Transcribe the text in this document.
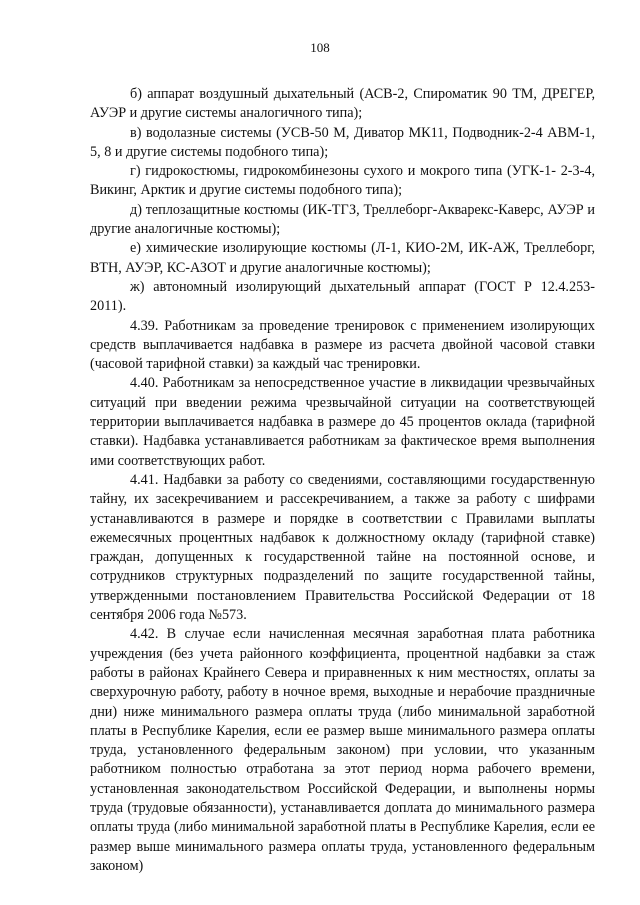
108

б) аппарат воздушный дыхательный (АСВ-2, Спироматик 90 ТМ, ДРЕГЕР, АУЭР и другие системы аналогичного типа);

в) водолазные системы (УСВ-50 М, Диватор МК11, Подводник-2-4 АВМ-1, 5, 8 и другие системы подобного типа);

г) гидрокостюмы, гидрокомбинезоны сухого и мокрого типа (УГК-1- 2-3-4, Викинг, Арктик и другие системы подобного типа);

д) теплозащитные костюмы (ИК-ТГЗ, Треллеборг-Акварекс-Каверс, АУЭР и другие аналогичные костюмы);

е) химические изолирующие костюмы (Л-1, КИО-2М, ИК-АЖ, Треллеборг, ВТН, АУЭР, КС-АЗОТ и другие аналогичные костюмы);

ж) автономный изолирующий дыхательный аппарат (ГОСТ Р 12.4.253-2011).

4.39. Работникам за проведение тренировок с применением изолирующих средств выплачивается надбавка в размере из расчета двойной часовой ставки (часовой тарифной ставки) за каждый час тренировки.

4.40. Работникам за непосредственное участие в ликвидации чрезвычайных ситуаций при введении режима чрезвычайной ситуации на соответствующей территории выплачивается надбавка в размере до 45 процентов оклада (тарифной ставки). Надбавка устанавливается работникам за фактическое время выполнения ими соответствующих работ.

4.41. Надбавки за работу со сведениями, составляющими государственную тайну, их засекречиванием и рассекречиванием, а также за работу с шифрами устанавливаются в размере и порядке в соответствии с Правилами выплаты ежемесячных процентных надбавок к должностному окладу (тарифной ставке) граждан, допущенных к государственной тайне на постоянной основе, и сотрудников структурных подразделений по защите государственной тайны, утвержденными постановлением Правительства Российской Федерации от 18 сентября 2006 года №573.

4.42. В случае если начисленная месячная заработная плата работника учреждения (без учета районного коэффициента, процентной надбавки за стаж работы в районах Крайнего Севера и приравненных к ним местностях, оплаты за сверхурочную работу, работу в ночное время, выходные и нерабочие праздничные дни) ниже минимального размера оплаты труда (либо минимальной заработной платы в Республике Карелия, если ее размер выше минимального размера оплаты труда, установленного федеральным законом) при условии, что указанным работником полностью отработана за этот период норма рабочего времени, установленная законодательством Российской Федерации, и выполнены нормы труда (трудовые обязанности), устанавливается доплата до минимального размера оплаты труда (либо минимальной заработной платы в Республике Карелия, если ее размер выше минимального размера оплаты труда, установленного федеральным законом)
